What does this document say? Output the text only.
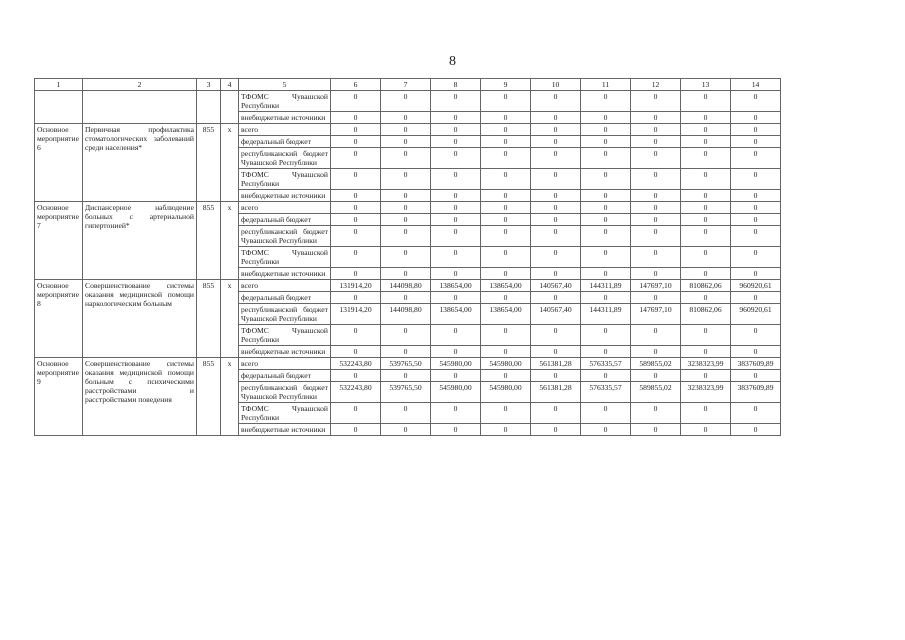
8
1	2	3	4	5	6	7	8	9	10	11	12	13	14
				ТФОМС Чувашской Республики	0	0	0	0	0	0	0	0	0
				внебюджетные источники	0	0	0	0	0	0	0	0	0
Основное мероприятие 6	Первичная профилактика стоматологических заболеваний среди населения*	855	x	всего	0	0	0	0	0	0	0	0	0
				федеральный бюджет	0	0	0	0	0	0	0	0	0
				республиканский бюджет Чувашской Республики	0	0	0	0	0	0	0	0	0
				ТФОМС Чувашской Республики	0	0	0	0	0	0	0	0	0
				внебюджетные источники	0	0	0	0	0	0	0	0	0
Основное мероприятие 7	Диспансерное наблюдение больных с артериальной гипертонией*	855	x	всего	0	0	0	0	0	0	0	0	0
				федеральный бюджет	0	0	0	0	0	0	0	0	0
				республиканский бюджет Чувашской Республики	0	0	0	0	0	0	0	0	0
				ТФОМС Чувашской Республики	0	0	0	0	0	0	0	0	0
				внебюджетные источники	0	0	0	0	0	0	0	0	0
Основное мероприятие 8	Совершенствование системы оказания медицинской помощи наркологическим больным	855	x	всего	131914,20	144098,80	138654,00	138654,00	140567,40	144311,89	147697,10	810862,06	960920,61
				федеральный бюджет	0	0	0	0	0	0	0	0	0
				республиканский бюджет Чувашской Республики	131914,20	144098,80	138654,00	138654,00	140567,40	144311,89	147697,10	810862,06	960920,61
				ТФОМС Чувашской Республики	0	0	0	0	0	0	0	0	0
				внебюджетные источники	0	0	0	0	0	0	0	0	0
Основное мероприятие 9	Совершенствование системы оказания медицинской помощи больным с психическими расстройствами и расстройствами поведения	855	x	всего	532243,80	539765,50	545980,00	545980,00	561381,28	576335,57	589855,02	3238323,99	3837609,89
				федеральный бюджет	0	0	0	0	0	0	0	0	0
				республиканский бюджет Чувашской Республики	532243,80	539765,50	545980,00	545980,00	561381,28	576335,57	589855,02	3238323,99	3837609,89
				ТФОМС Чувашской Республики	0	0	0	0	0	0	0	0	0
				внебюджетные источники	0	0	0	0	0	0	0	0	0
